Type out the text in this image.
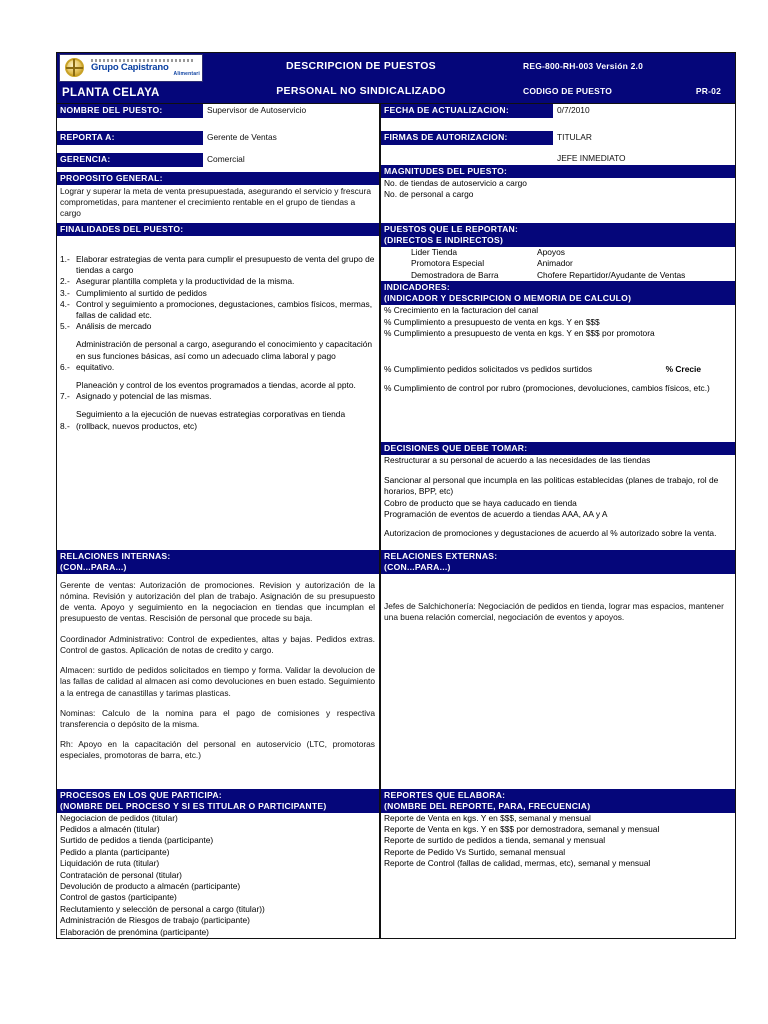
Grupo Capistrano
Alimentari
PLANTA CELAYA
DESCRIPCION DE PUESTOS
PERSONAL NO SINDICALIZADO
REG-800-RH-003 Versión 2.0
CODIGO DE PUESTO	PR-02
NOMBRE DEL PUESTO:	Supervisor de Autoservicio
REPORTA A:	Gerente de Ventas
GERENCIA:	Comercial
PROPOSITO GENERAL:
Lograr y superar la meta de venta presupuestada, asegurando el servicio y frescura comprometidas, para mantener el crecimiento rentable en el grupo de tiendas a cargo
FINALIDADES DEL PUESTO:
1.- Elaborar estrategias de venta para cumplir el presupuesto de venta del grupo de tiendas a cargo
2.- Asegurar plantilla completa y la productividad de la misma.
3.- Cumplimiento al surtido de pedidos
4.- Control y seguimiento a promociones, degustaciones, cambios físicos, mermas, fallas de calidad etc.
5.- Análisis de mercado
6.-
Administración de personal a cargo, asegurando el conocimiento y capacitación en sus funciones básicas, así como un adecuado clima laboral y pago equitativo.
7.-
Planeación y control de los eventos programados a tiendas, acorde al ppto. Asignado y potencial de las mismas.
8.-
Seguimiento a la ejecución de nuevas estrategias corporativas en tienda (rollback, nuevos productos, etc)
FECHA DE ACTUALIZACION:	0/7/2010
FIRMAS DE AUTORIZACION:	TITULAR
JEFE INMEDIATO
MAGNITUDES DEL PUESTO:
No. de tiendas de autoservicio a cargo
No. de personal a cargo
PUESTOS QUE LE REPORTAN:
(DIRECTOS E INDIRECTOS)
Lider Tienda	Apoyos
Promotora Especial	Animador
Demostradora de Barra	Chofere Repartidor/Ayudante de Ventas
INDICADORES:
(INDICADOR Y DESCRIPCION O MEMORIA DE CALCULO)
% Crecimiento en la facturacion del canal
% Cumplimiento a presupuesto de venta en kgs. Y en $$$
% Cumplimiento a presupuesto de venta en kgs. Y en $$$ por promotora
% Cumplimiento pedidos solicitados vs pedidos surtidos	% Crecie
% Cumplimiento de control por rubro (promociones, devoluciones, cambios físicos, etc.)
DECISIONES QUE DEBE TOMAR:
Restructurar a su personal de acuerdo a las necesidades de las tiendas
Sancionar al personal que incumpla en las politicas establecidas (planes de trabajo, rol de horarios, BPP, etc)
Cobro de producto que se haya caducado en tienda
Programación de eventos de acuerdo a tiendas AAA, AA y A
Autorizacion de promociones y degustaciones de acuerdo al % autorizado sobre la venta.
RELACIONES INTERNAS:
(CON...PARA...)

Gerente de ventas: Autorización de promociones. Revision y autorización de la nómina. Revisión y autorización del plan de trabajo. Asignación de su presupuesto de venta. Apoyo y seguimiento en la negociacion en tiendas que incumplan el presupuesto de ventas. Rescisión de personal que procede su baja.

Coordinador Administrativo: Control de expedientes, altas y bajas. Pedidos extras. Control de gastos. Aplicación de notas de credito y cargo.

Almacen: surtido de pedidos solicitados en tiempo y forma. Validar la devolucion de las fallas de calidad al almacen asi como devoluciones en buen estado. Seguimiento a la entrega de canastillas y tarimas plasticas.

Nominas: Calculo de la nomina para el pago de comisiones y respectiva transferencia o depósito de la misma.

Rh: Apoyo en la capacitación del personal en autoservicio (LTC, promotoras especiales, promotoras de barra, etc.)

RELACIONES EXTERNAS:
(CON...PARA...)
Jefes de Salchichonería: Negociación de pedidos en tienda, lograr mas espacios, mantener una buena relación comercial, negociación de eventos y apoyos.
PROCESOS EN LOS QUE PARTICIPA:
(NOMBRE DEL PROCESO Y SI ES TITULAR O PARTICIPANTE)
Negociacion de pedidos (titular)
Pedidos a almacén (titular)
Surtido de pedidos a tienda (participante)
Pedido a planta (participante)
Liquidación de ruta (titular)
Contratación de personal (titular)
Devolución de producto a almacén (participante)
Control de gastos (participante)
Reclutamiento y selección de personal a cargo (titular))
Administración de Riesgos de trabajo (participante)
Elaboración de prenómina (participante)
REPORTES QUE ELABORA:
(NOMBRE DEL REPORTE, PARA, FRECUENCIA)
Reporte de Venta en kgs. Y en $$$, semanal y mensual
Reporte de Venta en kgs. Y en $$$ por demostradora, semanal y mensual
Reporte de surtido de pedidos a tienda, semanal y mensual
Reporte de Pedido Vs Surtido, semanal mensual
Reporte de Control (fallas de calidad, mermas, etc), semanal y mensual
